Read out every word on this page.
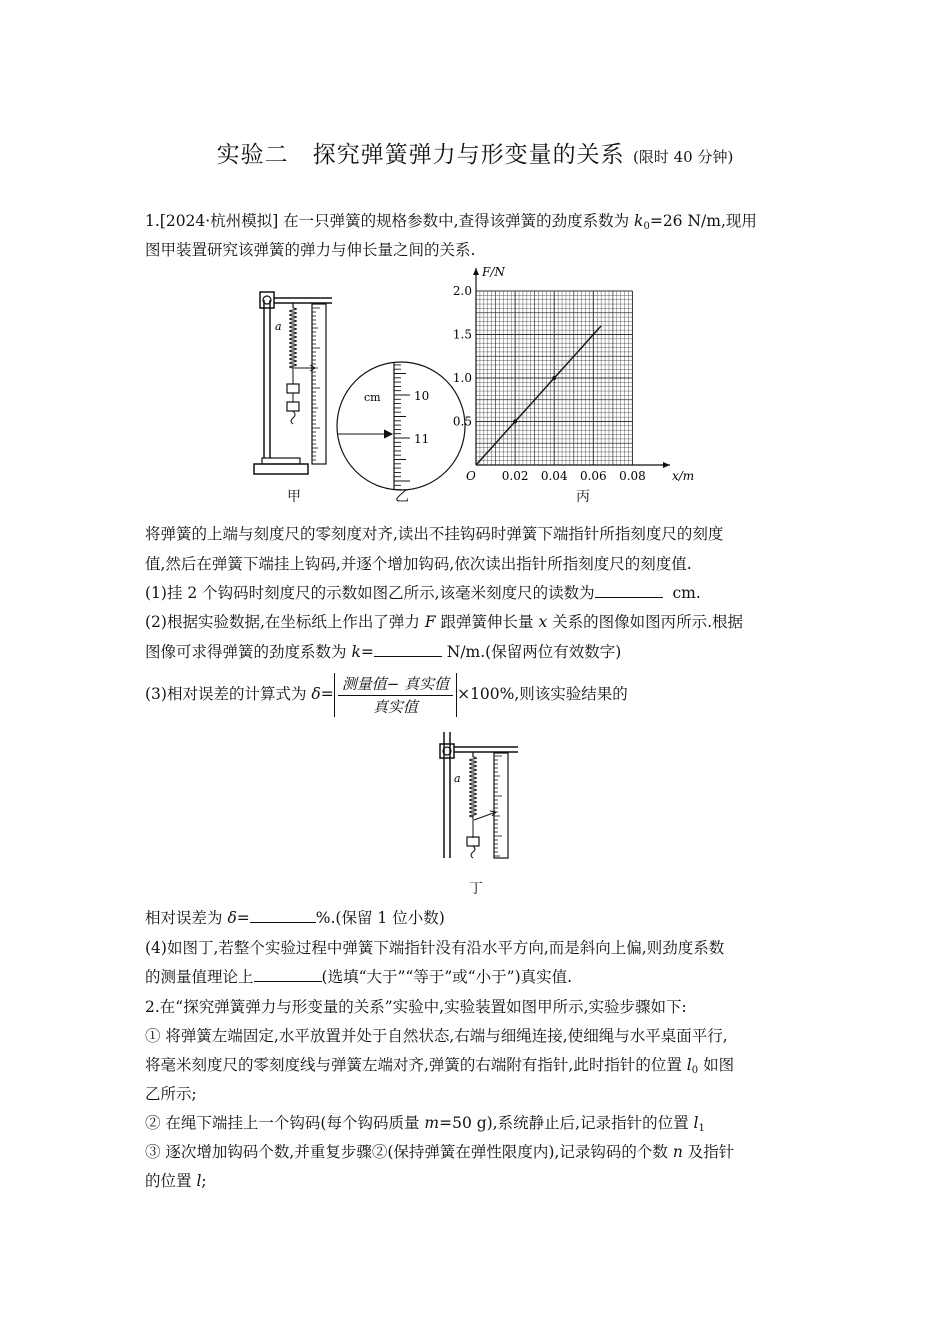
实验二　探究弹簧弹力与形变量的关系 (限时 40 分钟)
1.[2024·杭州模拟] 在一只弹簧的规格参数中,查得该弹簧的劲度系数为 $k_0=26$ N/m,现用
图甲装置研究该弹簧的弹力与伸长量之间的关系.
a
甲
cm	10
11
乙
0.02 0.04 0.06 0.08
0.5
1.0
1.5
2.0
F/N
x/m
O
丙
将弹簧的上端与刻度尺的零刻度对齐,读出不挂钩码时弹簧下端指针所指刻度尺的刻度
值,然后在弹簧下端挂上钩码,并逐个增加钩码,依次读出指针所指刻度尺的刻度值.
(1)挂 2 个钩码时刻度尺的示数如图乙所示,该毫米刻度尺的读数为	cm.
(2)根据实验数据,在坐标纸上作出了弹力 F 跟弹簧伸长量 x 关系的图像如图丙所示.根据
图像可求得弹簧的劲度系数为 k=	N/m.(保留两位有效数字)
(3)相对误差的计算式为 $\delta= \frac{\text{测量值− 真实值}}{\text{真实值}} \times 100\%$,则该实验结果的
a
丁
相对误差为 δ=	%.(保留 1 位小数)
(4)如图丁,若整个实验过程中弹簧下端指针没有沿水平方向,而是斜向上偏,则劲度系数
的测量值理论上	(选填“大于”“等于”或“小于”)真实值.
2.在“探究弹簧弹力与形变量的关系”实验中,实验装置如图甲所示,实验步骤如下:
① 将弹簧左端固定,水平放置并处于自然状态,右端与细绳连接,使细绳与水平桌面平行,
将毫米刻度尺的零刻度线与弹簧左端对齐,弹簧的右端附有指针,此时指针的位置 $l_0$ 如图
乙所示;
② 在绳下端挂上一个钩码(每个钩码质量 m=50 g),系统静止后,记录指针的位置 $l_1$
③ 逐次增加钩码个数,并重复步骤②(保持弹簧在弹性限度内),记录钩码的个数 n 及指针
的位置 l;
